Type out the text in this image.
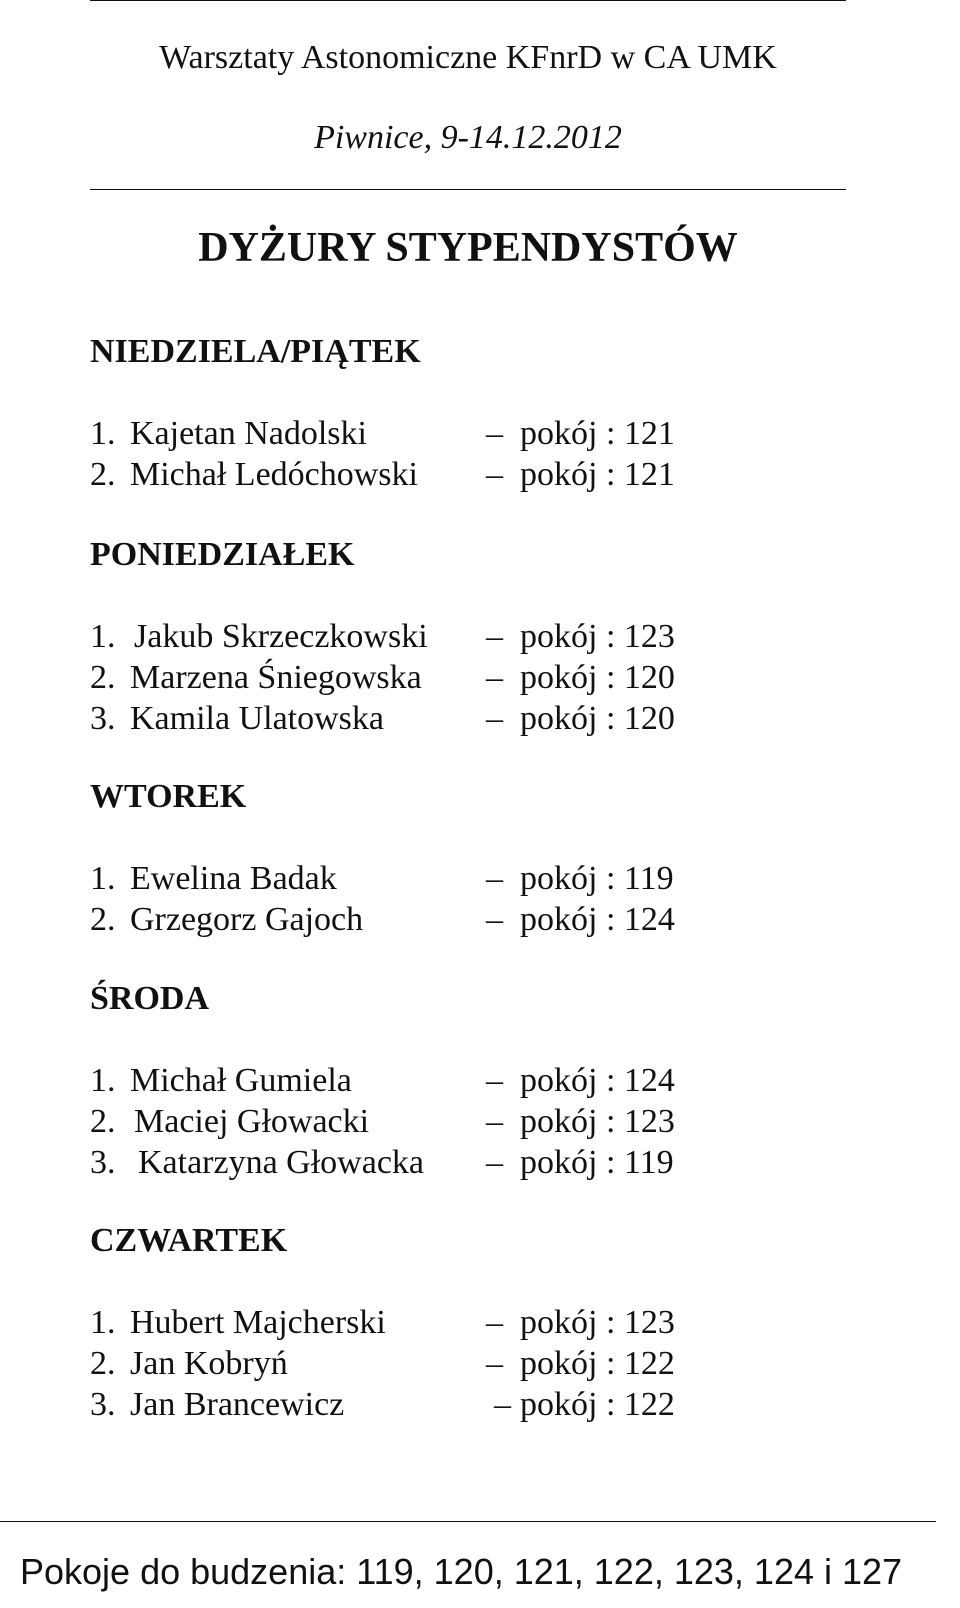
Warsztaty Astonomiczne KFnrD w CA UMK
Piwnice, 9-14.12.2012
DYŻURY STYPENDYSTÓW
NIEDZIELA/PIĄTEK
1. Kajetan Nadolski	– pokój : 121
2. Michał Ledóchowski – pokój : 121
PONIEDZIAŁEK
1. Jakub Skrzeczkowski – pokój : 123
2. Marzena Śniegowska – pokój : 120
3. Kamila Ulatowska	– pokój : 120
WTOREK
1. Ewelina Badak	– pokój : 119
2. Grzegorz Gajoch	– pokój : 124
ŚRODA
1. Michał Gumiela	– pokój : 124
2. Maciej Głowacki	– pokój : 123
3. Katarzyna Głowacka – pokój : 119
CZWARTEK
1. Hubert Majcherski	– pokój : 123
2. Jan Kobryń	– pokój : 122
3. Jan Brancewicz	– pokój : 122
Pokoje do budzenia: 119, 120, 121, 122, 123, 124 i 127
